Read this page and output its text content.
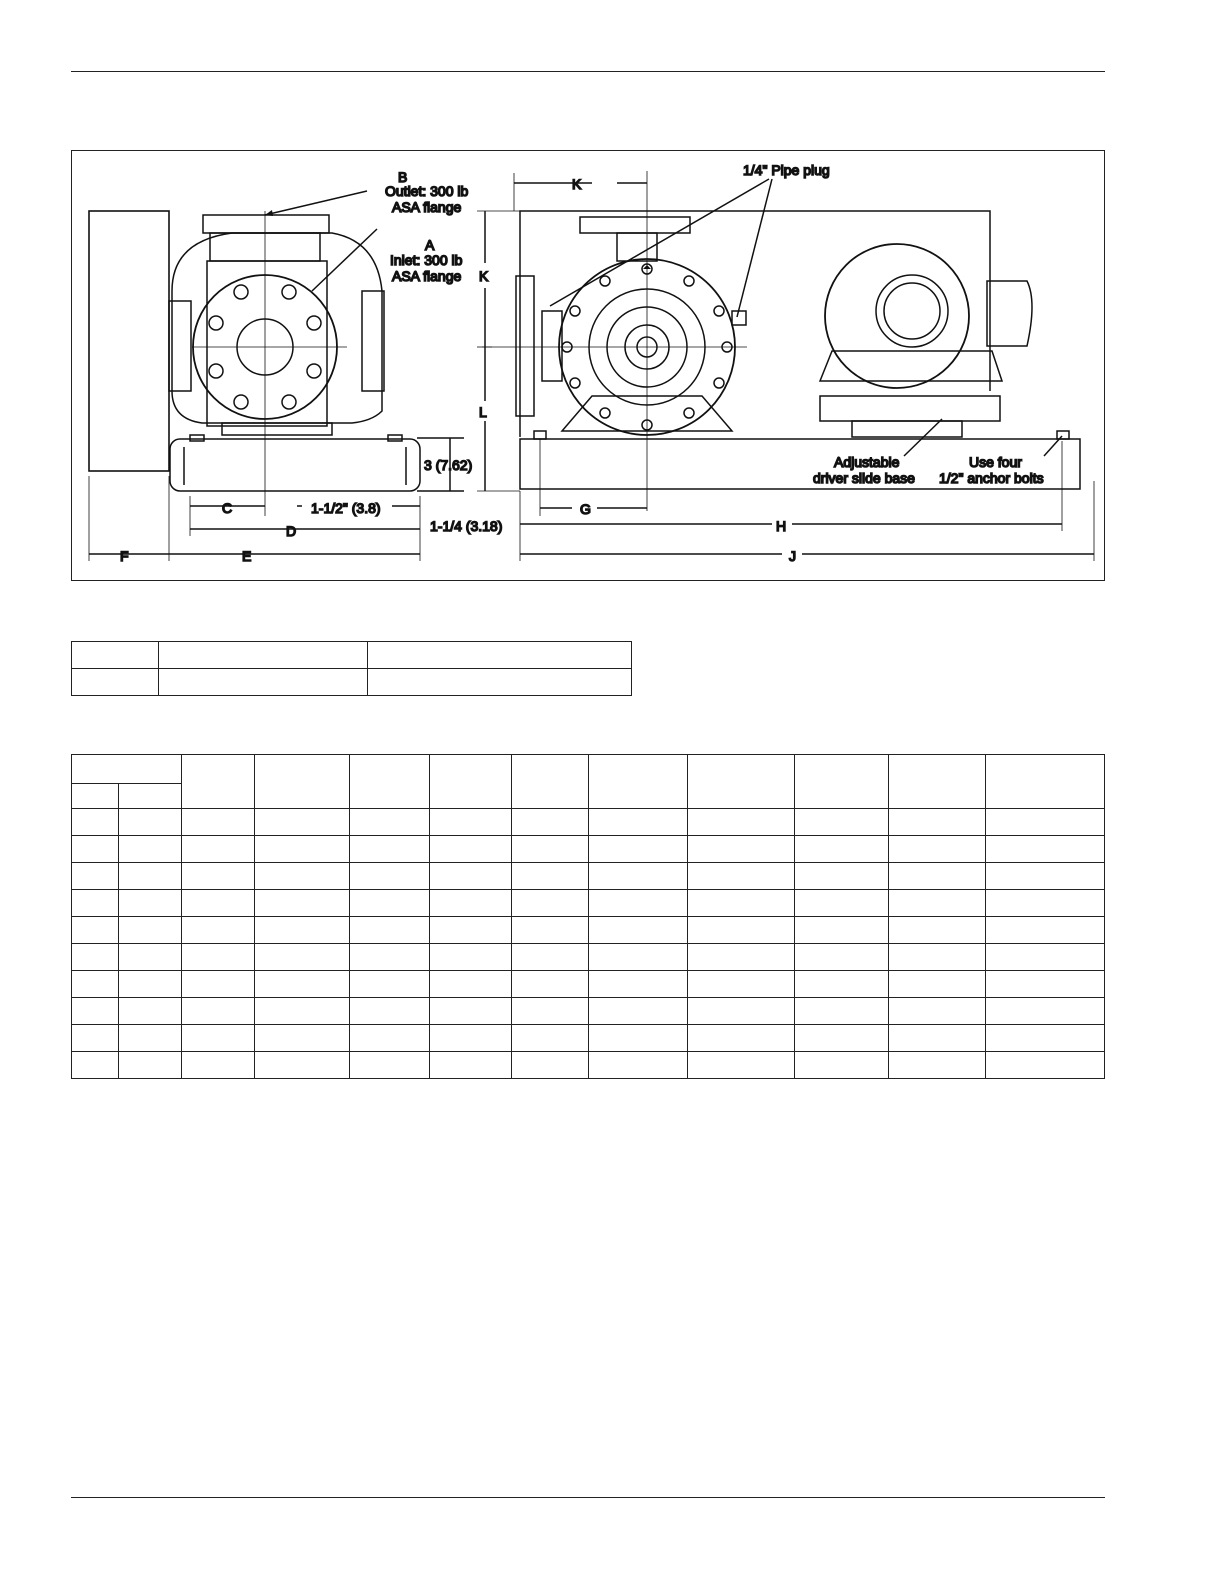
B
Outlet: 300 lb
ASA flange
A
Inlet: 300 lb
ASA flange
C	1-1/2" (3.8)
D
F	E
3 (7.62)
1/4" Pipe plug
K
K
L
G
1-1/4 (3.18)	H
J
Adjustable
driver slide base
Use four
1/2" anchor bolts
